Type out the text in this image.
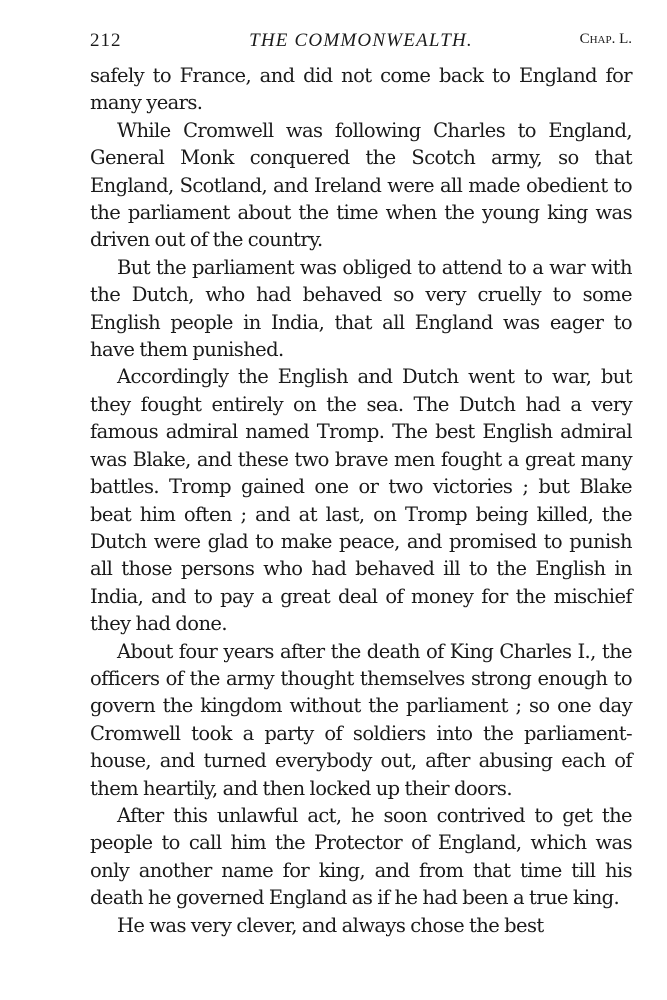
212	THE COMMONWEALTH.	Chap. L.

safely to France, and did not come back to England for many years.

While Cromwell was following Charles to England, General Monk conquered the Scotch army, so that England, Scotland, and Ireland were all made obedient to the parliament about the time when the young king was driven out of the country.

But the parliament was obliged to attend to a war with the Dutch, who had behaved so very cruelly to some English people in India, that all England was eager to have them punished.

Accordingly the English and Dutch went to war, but they fought entirely on the sea. The Dutch had a very famous admiral named Tromp. The best English admiral was Blake, and these two brave men fought a great many battles. Tromp gained one or two victories ; but Blake beat him often ; and at last, on Tromp being killed, the Dutch were glad to make peace, and promised to punish all those persons who had behaved ill to the English in India, and to pay a great deal of money for the mischief they had done.

About four years after the death of King Charles I., the officers of the army thought themselves strong enough to govern the kingdom without the parliament ; so one day Cromwell took a party of soldiers into the parliament-house, and turned everybody out, after abusing each of them heartily, and then locked up their doors.

After this unlawful act, he soon contrived to get the people to call him the Protector of England, which was only another name for king, and from that time till his death he governed England as if he had been a true king.

He was very clever, and always chose the best
